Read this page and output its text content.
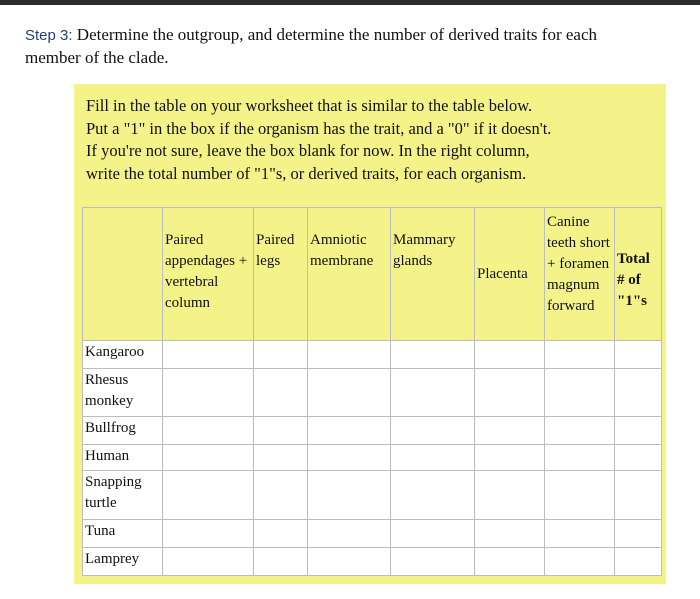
Step 3: Determine the outgroup, and determine the number of derived traits for each
member of the clade.
Fill in the table on your worksheet that is similar to the table below.
Put a "1" in the box if the organism has the trait, and a "0" if it doesn't.
If you're not sure, leave the box blank for now. In the right column,
write the total number of "1"s, or derived traits, for each organism.
	Paired appendages + vertebral column	Paired legs	Amniotic membrane	Mammary glands	Placenta	Canine teeth short + foramen magnum forward	Total # of "1"s
Kangaroo							
Rhesus monkey							
Bullfrog							
Human							
Snapping turtle							
Tuna							
Lamprey							
